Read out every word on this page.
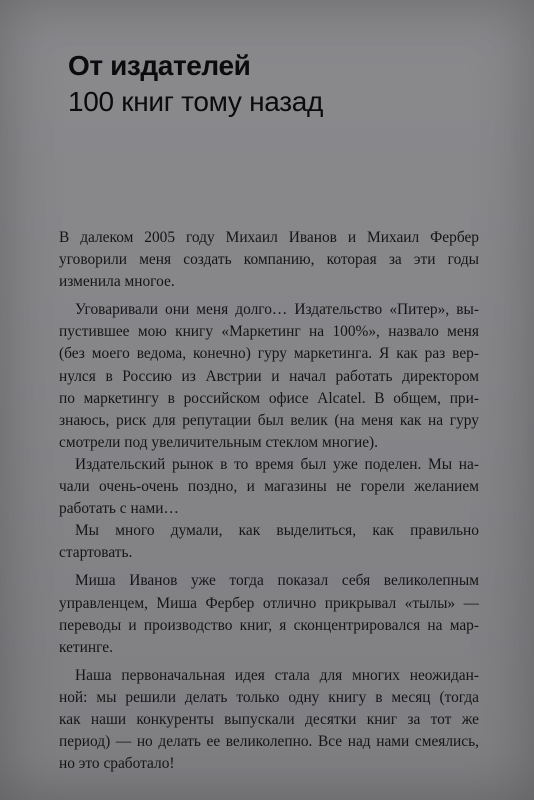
От издателей
100 книг тому назад
В далеком 2005 году Михаил Иванов и Михаил Фербер
уговорили меня создать компанию, которая за эти годы
изменила многое.
Уговаривали они меня долго… Издательство «Питер», вы-
пустившее мою книгу «Маркетинг на 100%», назвало меня
(без моего ведома, конечно) гуру маркетинга. Я как раз вер-
нулся в Россию из Австрии и начал работать директором
по маркетингу в российском офисе Alcatel. В общем, при-
знаюсь, риск для репутации был велик (на меня как на гуру
смотрели под увеличительным стеклом многие).
Издательский рынок в то время был уже поделен. Мы на-
чали очень-очень поздно, и магазины не горели желанием
работать с нами…
Мы много думали, как выделиться, как правильно
стартовать.
Миша Иванов уже тогда показал себя великолепным
управленцем, Миша Фербер отлично прикрывал «тылы» —
переводы и производство книг, я сконцентрировался на мар-
кетинге.
Наша первоначальная идея стала для многих неожидан-
ной: мы решили делать только одну книгу в месяц (тогда
как наши конкуренты выпускали десятки книг за тот же
период) — но делать ее великолепно. Все над нами смеялись,
но это сработало!
